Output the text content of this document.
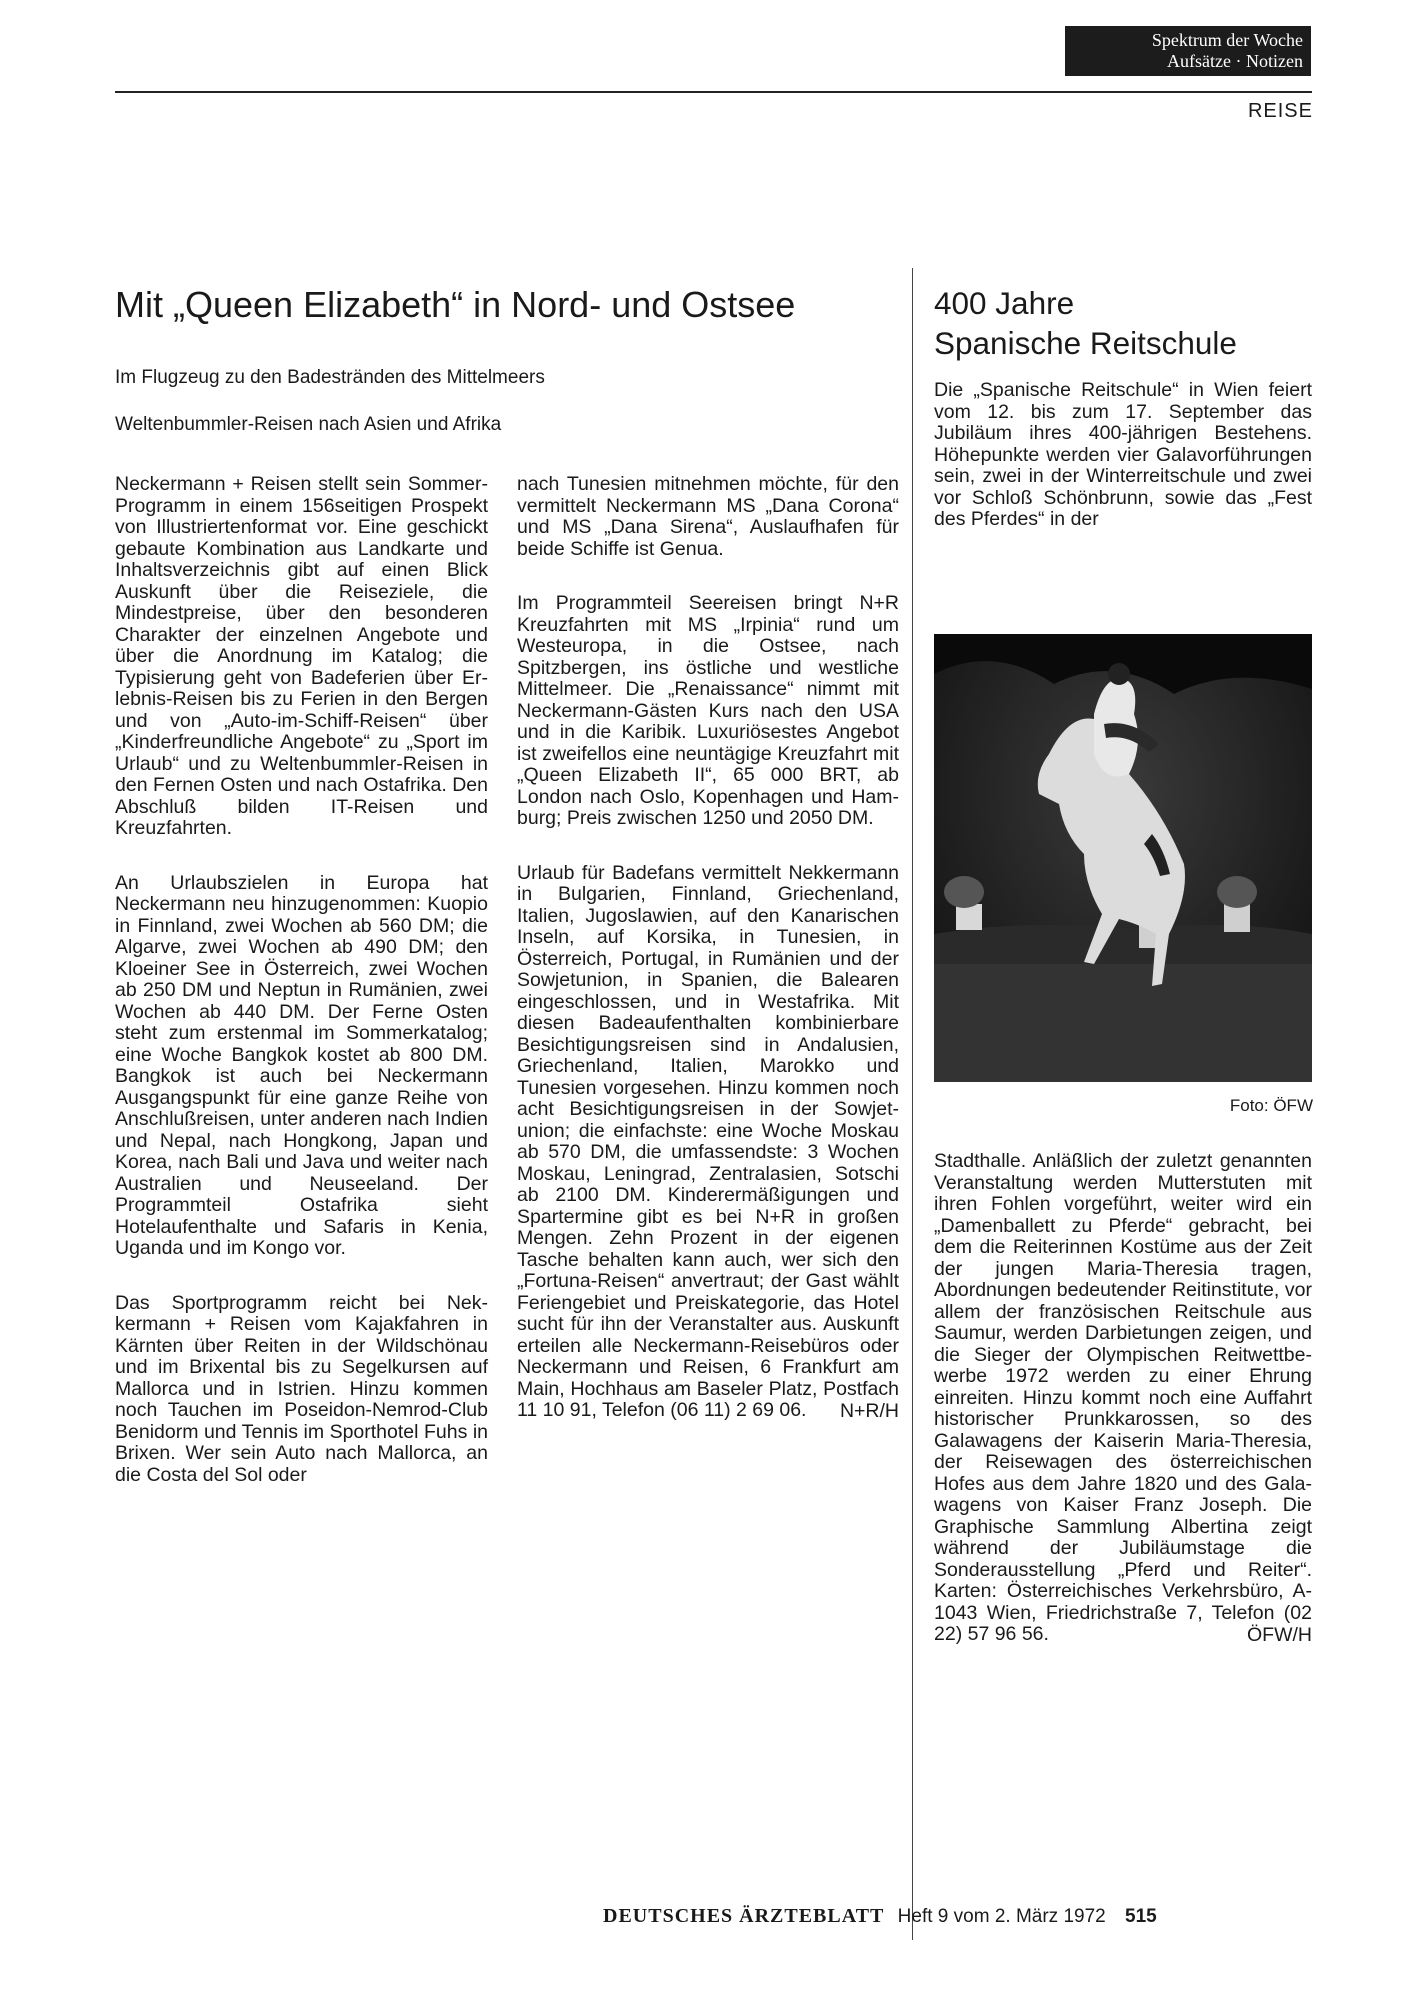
Spektrum der Woche
Aufsätze · Notizen
REISE
Mit „Queen Elizabeth“ in Nord- und Ostsee
Im Flugzeug zu den Badestränden des Mittelmeers
Weltenbummler-Reisen nach Asien und Afrika

Neckermann + Reisen stellt sein Sommer-Programm in einem 156seitigen Prospekt von Illustriertenformat vor. Eine geschickt gebaute Kombination aus Landkarte und Inhaltsverzeichnis gibt auf einen Blick Auskunft über die Reiseziele, die Mindestpreise, über den besonderen Charakter der einzelnen Angebote und über die Anordnung im Katalog; die Typisierung geht von Badeferien über Erlebnis-Reisen bis zu Ferien in den Bergen und von „Auto-im-Schiff-Reisen“ über „Kinderfreundliche Angebote“ zu „Sport im Urlaub“ und zu Weltenbummler-Reisen in den Fernen Osten und nach Ostafrika. Den Abschluß bilden IT-Reisen und Kreuzfahrten.

An Urlaubszielen in Europa hat Neckermann neu hinzugenommen: Kuopio in Finnland, zwei Wochen ab 560 DM; die Algarve, zwei Wochen ab 490 DM; den Kloeiner See in Österreich, zwei Wochen ab 250 DM und Neptun in Rumänien, zwei Wochen ab 440 DM. Der Ferne Osten steht zum erstenmal im Sommerkatalog; eine Woche Bangkok kostet ab 800 DM. Bangkok ist auch bei Neckermann Ausgangspunkt für eine ganze Reihe von Anschlußreisen, unter anderen nach Indien und Nepal, nach Hongkong, Japan und Korea, nach Bali und Java und weiter nach Australien und Neuseeland. Der Programmteil Ostafrika sieht Hotelaufenthalte und Safaris in Kenia, Uganda und im Kongo vor.

Das Sportprogramm reicht bei Nekkermann + Reisen vom Kajakfahren in Kärnten über Reiten in der Wildschönau und im Brixental bis zu Segelkursen auf Mallorca und in Istrien. Hinzu kommen noch Tauchen im Poseidon-Nemrod-Club Benidorm und Tennis im Sporthotel Fuhs in Brixen. Wer sein Auto nach Mallorca, an die Costa del Sol oder

nach Tunesien mitnehmen möchte, für den vermittelt Neckermann MS „Dana Corona“ und MS „Dana Sirena“, Auslaufhafen für beide Schiffe ist Genua.

Im Programmteil Seereisen bringt N+R Kreuzfahrten mit MS „Irpinia“ rund um Westeuropa, in die Ostsee, nach Spitzbergen, ins östliche und westliche Mittelmeer. Die „Renaissance“ nimmt mit Neckermann-Gästen Kurs nach den USA und in die Karibik. Luxuriösestes Angebot ist zweifellos eine neuntägige Kreuzfahrt mit „Queen Elizabeth II“, 65 000 BRT, ab London nach Oslo, Kopenhagen und Hamburg; Preis zwischen 1250 und 2050 DM.

Urlaub für Badefans vermittelt Nekkermann in Bulgarien, Finnland, Griechenland, Italien, Jugoslawien, auf den Kanarischen Inseln, auf Korsika, in Tunesien, in Österreich, Portugal, in Rumänien und der Sowjetunion, in Spanien, die Balearen eingeschlossen, und in Westafrika. Mit diesen Badeaufenthalten kombinierbare Besichtigungsreisen sind in Andalusien, Griechenland, Italien, Marokko und Tunesien vorgesehen. Hinzu kommen noch acht Besichtigungsreisen in der Sowjetunion; die einfachste: eine Woche Moskau ab 570 DM, die umfassendste: 3 Wochen Moskau, Leningrad, Zentralasien, Sotschi ab 2100 DM. Kinderermäßigungen und Spartermine gibt es bei N+R in großen Mengen. Zehn Prozent in der eigenen Tasche behalten kann auch, wer sich den „Fortuna-Reisen“ anvertraut; der Gast wählt Feriengebiet und Preiskategorie, das Hotel sucht für ihn der Veranstalter aus. Auskunft erteilen alle Neckermann-Reisebüros oder Neckermann und Reisen, 6 Frankfurt am Main, Hochhaus am Baseler Platz, Postfach 11 10 91, Telefon (06 11) 2 69 06.	N+R/H
400 Jahre
Spanische Reitschule
Die „Spanische Reitschule“ in Wien feiert vom 12. bis zum 17. September das Jubiläum ihres 400-jährigen Bestehens. Höhepunkte werden vier Galavorführungen sein, zwei in der Winterreitschule und zwei vor Schloß Schönbrunn, sowie das „Fest des Pferdes“ in der
Foto: ÖFW
Stadthalle. Anläßlich der zuletzt genannten Veranstaltung werden Mutterstuten mit ihren Fohlen vorgeführt, weiter wird ein „Damenballett zu Pferde“ gebracht, bei dem die Reiterinnen Kostüme aus der Zeit der jungen Maria-Theresia tragen, Abordnungen bedeutender Reitinstitute, vor allem der französischen Reitschule aus Saumur, werden Darbietungen zeigen, und die Sieger der Olympischen Reitwettbewerbe 1972 werden zu einer Ehrung einreiten. Hinzu kommt noch eine Auffahrt historischer Prunkkarossen, so des Galawagens der Kaiserin Maria-Theresia, der Reisewagen des österreichischen Hofes aus dem Jahre 1820 und des Galawagens von Kaiser Franz Joseph. Die Graphische Sammlung Albertina zeigt während der Jubiläumstage die Sonderausstellung „Pferd und Reiter“. Karten: Österreichisches Verkehrsbüro, A-1043 Wien, Friedrichstraße 7, Telefon (02 22) 57 96 56.	ÖFW/H
DEUTSCHES ÄRZTEBLATT Heft 9 vom 2. März 1972 515
